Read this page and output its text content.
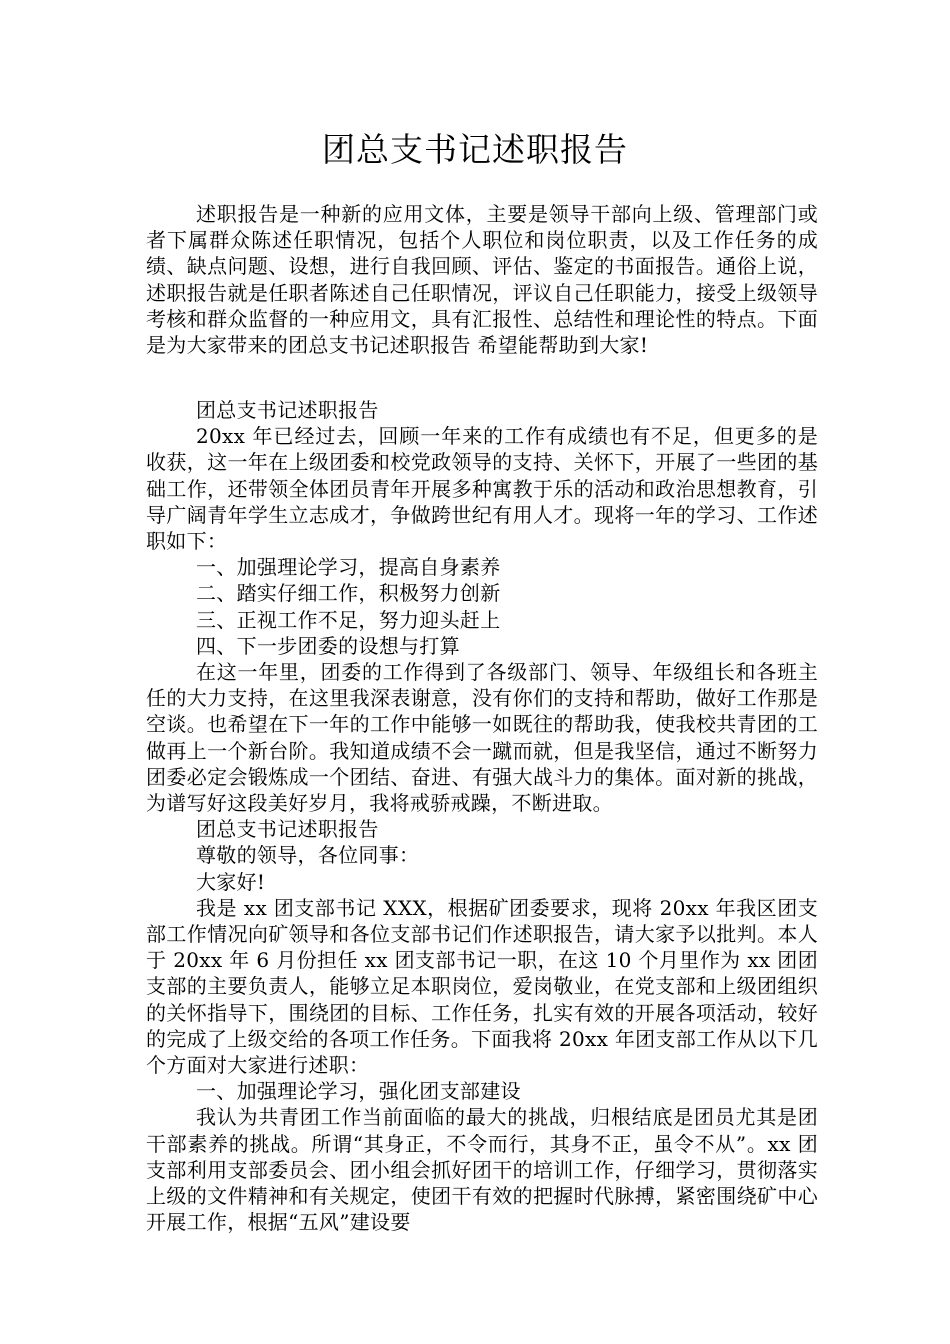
团总支书记述职报告

述职报告是一种新的应用文体，主要是领导干部向上级、管理部门或者下属群众陈述任职情况，包括个人职位和岗位职责，以及工作任务的成绩、缺点问题、设想，进行自我回顾、评估、鉴定的书面报告。通俗上说，述职报告就是任职者陈述自己任职情况，评议自己任职能力，接受上级领导考核和群众监督的一种应用文，具有汇报性、总结性和理论性的特点。下面是为大家带来的团总支书记述职报告 希望能帮助到大家!

团总支书记述职报告

20xx 年已经过去，回顾一年来的工作有成绩也有不足，但更多的是收获，这一年在上级团委和校党政领导的支持、关怀下，开展了一些团的基础工作，还带领全体团员青年开展多种寓教于乐的活动和政治思想教育，引导广阔青年学生立志成才，争做跨世纪有用人才。现将一年的学习、工作述职如下：

一、加强理论学习，提高自身素养

二、踏实仔细工作，积极努力创新

三、正视工作不足，努力迎头赶上

四、下一步团委的设想与打算

在这一年里，团委的工作得到了各级部门、领导、年级组长和各班主任的大力支持，在这里我深表谢意，没有你们的支持和帮助，做好工作那是空谈。也希望在下一年的工作中能够一如既往的帮助我，使我校共青团的工做再上一个新台阶。我知道成绩不会一蹴而就，但是我坚信，通过不断努力团委必定会锻炼成一个团结、奋进、有强大战斗力的集体。面对新的挑战，为谱写好这段美好岁月，我将戒骄戒躁，不断进取。

团总支书记述职报告

尊敬的领导，各位同事：

大家好!

我是 xx 团支部书记 XXX，根据矿团委要求，现将 20xx 年我区团支部工作情况向矿领导和各位支部书记们作述职报告，请大家予以批判。本人于 20xx 年 6 月份担任 xx 团支部书记一职，在这 10 个月里作为 xx 团团支部的主要负责人，能够立足本职岗位，爱岗敬业，在党支部和上级团组织的关怀指导下，围绕团的目标、工作任务，扎实有效的开展各项活动，较好的完成了上级交给的各项工作任务。下面我将 20xx 年团支部工作从以下几个方面对大家进行述职：

一、加强理论学习，强化团支部建设

我认为共青团工作当前面临的最大的挑战，归根结底是团员尤其是团干部素养的挑战。所谓“其身正，不令而行，其身不正，虽令不从”。xx 团支部利用支部委员会、团小组会抓好团干的培训工作，仔细学习，贯彻落实上级的文件精神和有关规定，使团干有效的把握时代脉搏，紧密围绕矿中心开展工作，根据“五风”建设要
